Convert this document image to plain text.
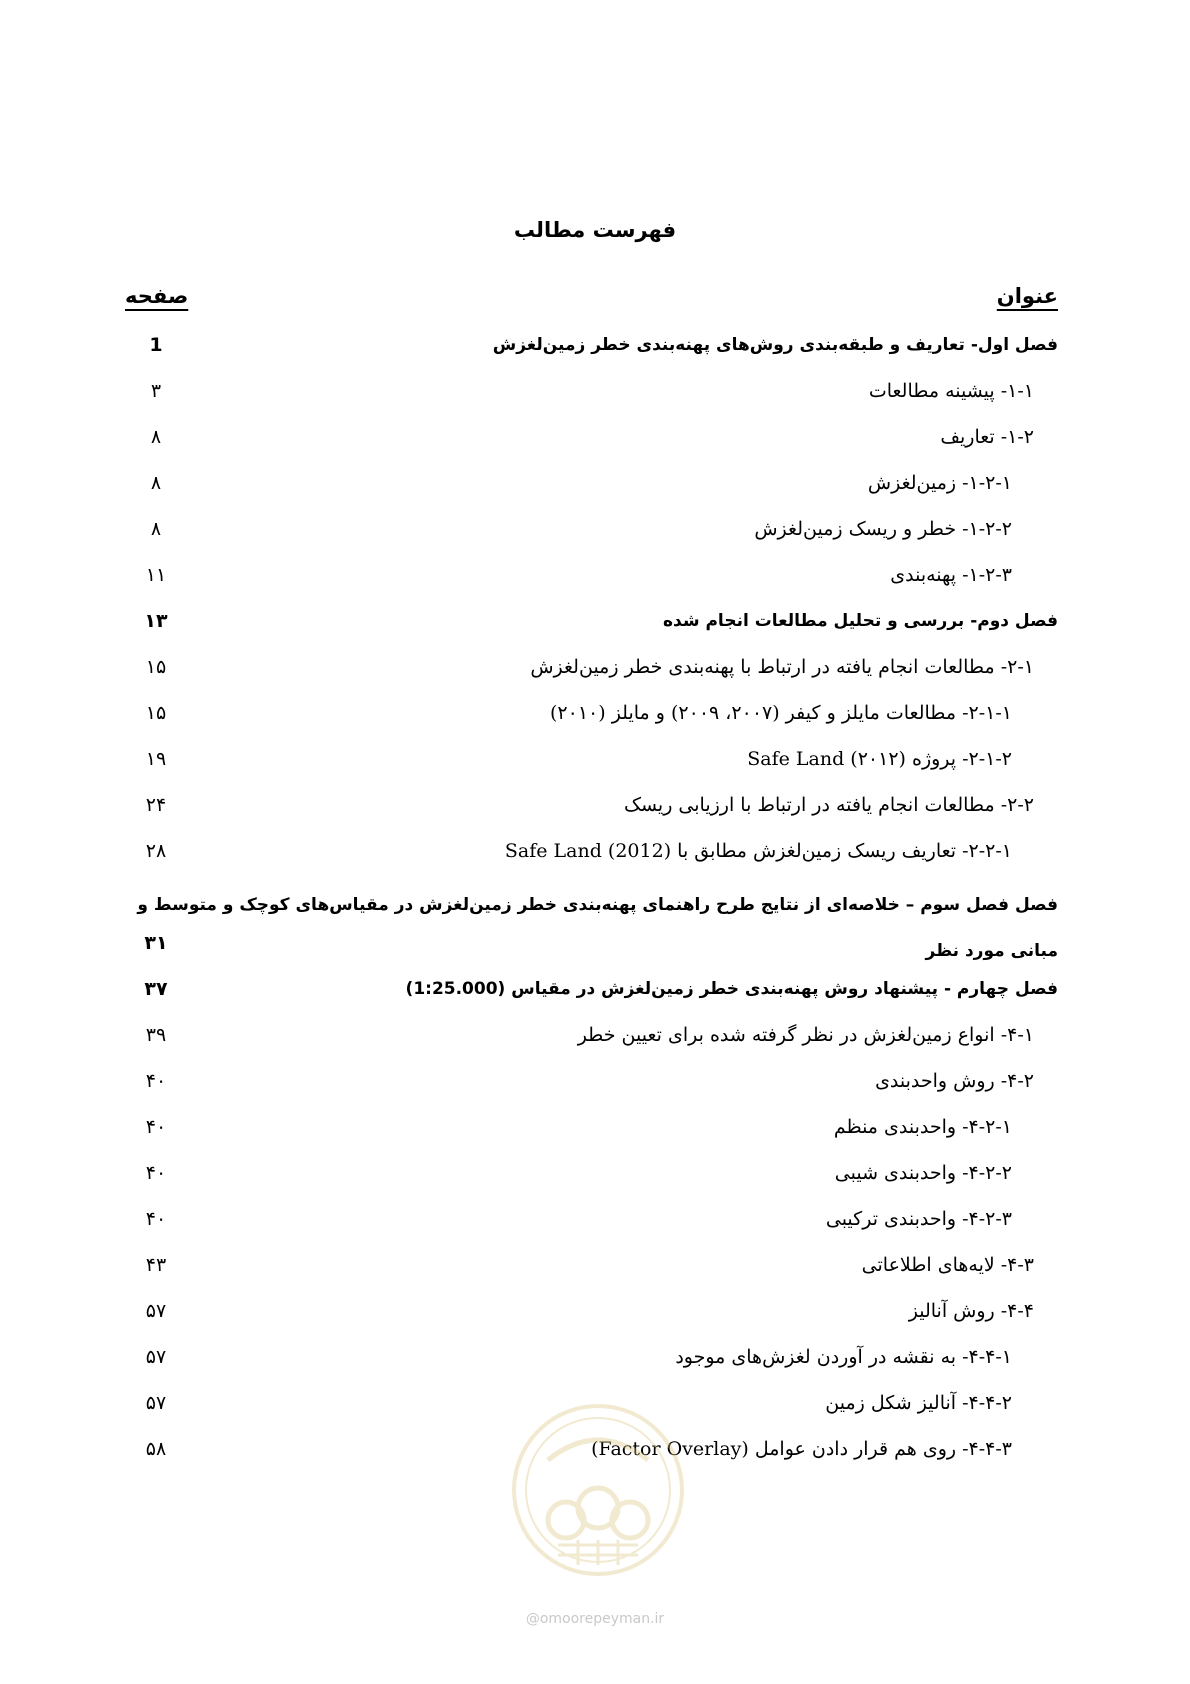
فهرست مطالب
عنوان
صفحه
فصل اول- تعاریف و طبقه‌بندی روش‌های پهنه‌بندی خطر زمین‌لغزش
1
۱-۱- پیشینه مطالعات
۳
۱-۲- تعاریف
۸
۱-۲-۱- زمین‌لغزش
۸
۱-۲-۲- خطر و ریسک زمین‌لغزش
۸
۱-۲-۳- پهنه‌بندی
۱۱
فصل دوم- بررسی و تحلیل مطالعات انجام شده
۱۳
۲-۱- مطالعات انجام یافته در ارتباط با پهنه‌بندی خطر زمین‌لغزش
۱۵
۲-۱-۱- مطالعات مایلز و کیفر (۲۰۰۷، ۲۰۰۹) و مایلز (۲۰۱۰)
۱۵
۲-۱-۲- پروژه Safe Land (۲۰۱۲)
۱۹
۲-۲- مطالعات انجام یافته در ارتباط با ارزیابی ریسک
۲۴
۲-۲-۱- تعاریف ریسک زمین‌لغزش مطابق با Safe Land (2012)
۲۸
فصل فصل سوم – خلاصه‌ای از نتایج طرح راهنمای پهنه‌بندی خطر زمین‌لغزش در مقیاس‌های کوچک و متوسط و مبانی مورد نظر
۳۱
فصل چهارم - پیشنهاد روش پهنه‌بندی خطر زمین‌لغزش در مقیاس (1:25.000)
۳۷
۴-۱- انواع زمین‌لغزش در نظر گرفته شده برای تعیین خطر
۳۹
۴-۲- روش واحدبندی
۴۰
۴-۲-۱- واحدبندی منظم
۴۰
۴-۲-۲- واحدبندی شیبی
۴۰
۴-۲-۳- واحدبندی ترکیبی
۴۰
۴-۳- لایه‌های اطلاعاتی
۴۳
۴-۴- روش آنالیز
۵۷
۴-۴-۱- به نقشه در آوردن لغزش‌های موجود
۵۷
۴-۴-۲- آنالیز شکل زمین
۵۷
۴-۴-۳- روی هم قرار دادن عوامل (Factor Overlay)
۵۸
@omoorepeyman.ir
